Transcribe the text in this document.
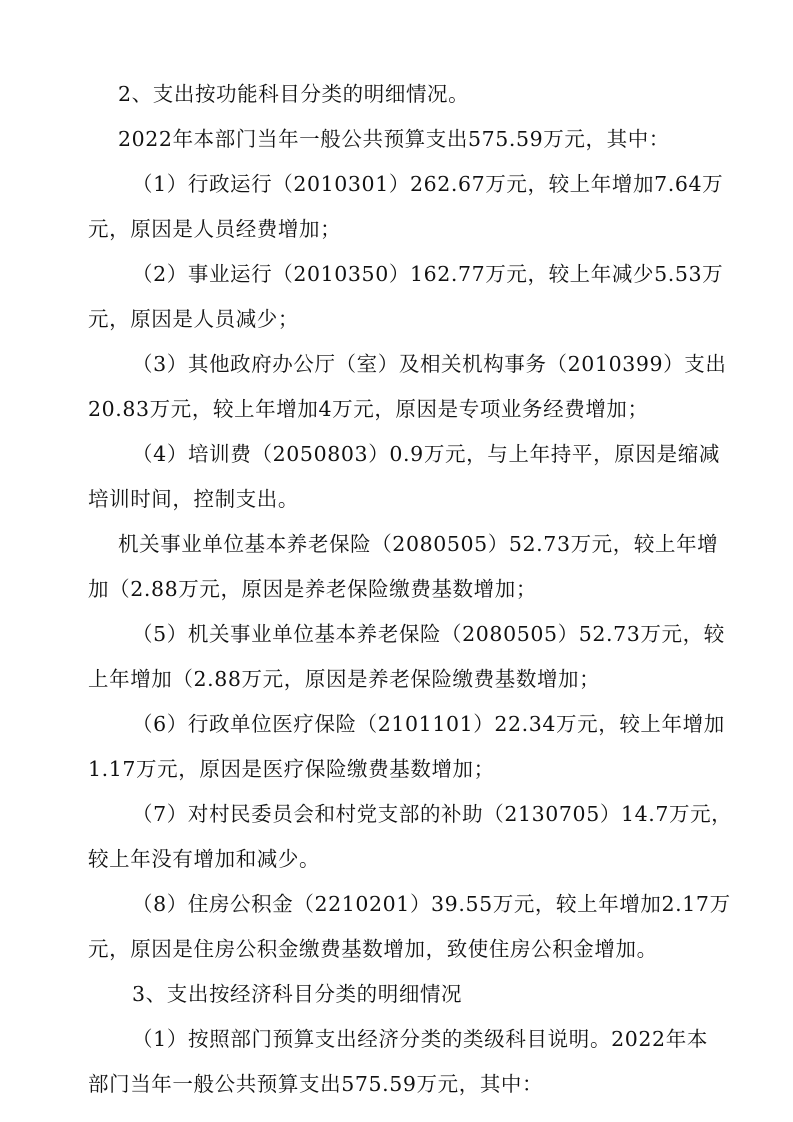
2、支出按功能科目分类的明细情况。
2022年本部门当年一般公共预算支出575.59万元，其中：
（1）行政运行（2010301）262.67万元，较上年增加7.64万
元，原因是人员经费增加；
（2）事业运行（2010350）162.77万元，较上年减少5.53万
元，原因是人员减少；
（3）其他政府办公厅（室）及相关机构事务（2010399）支出
20.83万元，较上年增加4万元，原因是专项业务经费增加；
（4）培训费（2050803）0.9万元，与上年持平，原因是缩减
培训时间，控制支出。
机关事业单位基本养老保险（2080505）52.73万元，较上年增
加（2.88万元，原因是养老保险缴费基数增加；
（5）机关事业单位基本养老保险（2080505）52.73万元，较
上年增加（2.88万元，原因是养老保险缴费基数增加；
（6）行政单位医疗保险（2101101）22.34万元，较上年增加
1.17万元，原因是医疗保险缴费基数增加；
（7）对村民委员会和村党支部的补助（2130705）14.7万元，
较上年没有增加和减少。
（8）住房公积金（2210201）39.55万元，较上年增加2.17万
元，原因是住房公积金缴费基数增加，致使住房公积金增加。
3、支出按经济科目分类的明细情况
（1）按照部门预算支出经济分类的类级科目说明。2022年本
部门当年一般公共预算支出575.59万元，其中：
